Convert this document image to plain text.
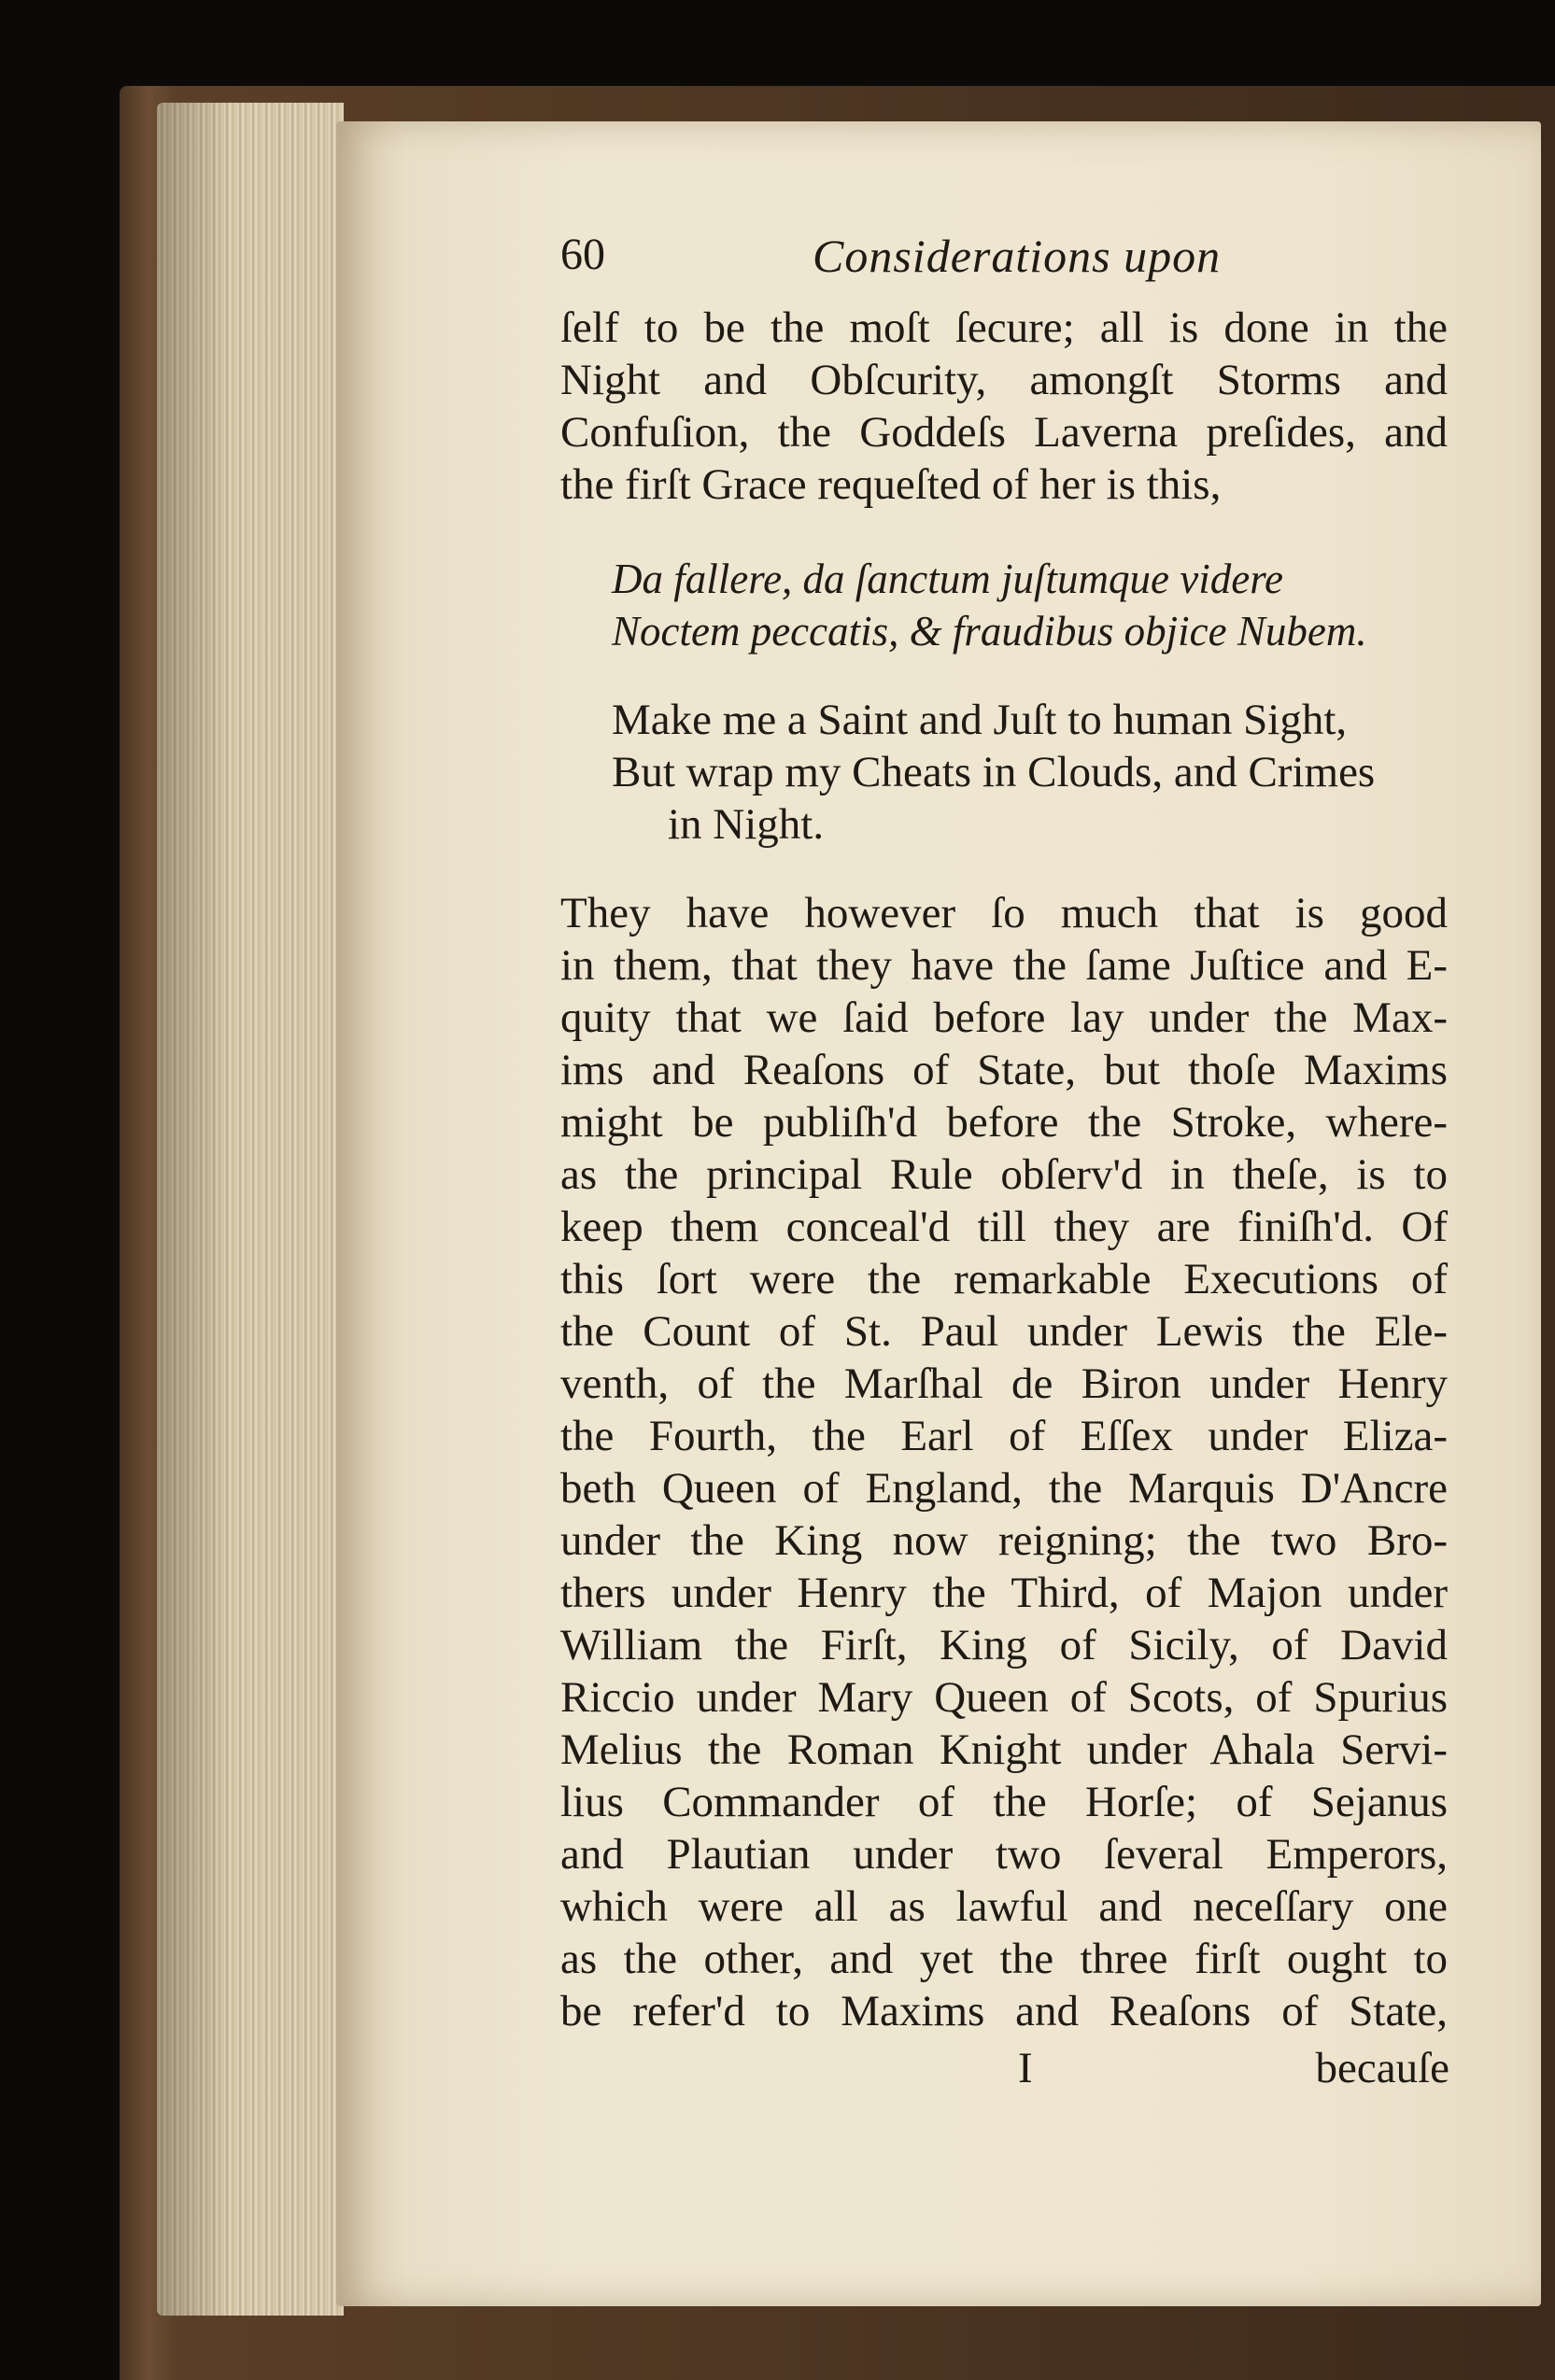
60	Considerations upon
ſelf to be the moſt ſecure; all is done in the
Night and Obſcurity, amongſt Storms and
Confuſion, the Goddeſs Laverna preſides, and
the firſt Grace requeſted of her is this,
Da fallere, da ſanctum juſtumque videre
Noctem peccatis, & fraudibus objice Nubem.
Make me a Saint and Juſt to human Sight,
But wrap my Cheats in Clouds, and Crimes
in Night.
They have however ſo much that is good
in them, that they have the ſame Juſtice and E-
quity that we ſaid before lay under the Max-
ims and Reaſons of State, but thoſe Maxims
might be publiſh'd before the Stroke, where-
as the principal Rule obſerv'd in theſe, is to
keep them conceal'd till they are finiſh'd. Of
this ſort were the remarkable Executions of
the Count of St. Paul under Lewis the Ele-
venth, of the Marſhal de Biron under Henry
the Fourth, the Earl of Eſſex under Eliza-
beth Queen of England, the Marquis D'Ancre
under the King now reigning; the two Bro-
thers under Henry the Third, of Majon under
William the Firſt, King of Sicily, of David
Riccio under Mary Queen of Scots, of Spurius
Melius the Roman Knight under Ahala Servi-
lius Commander of the Horſe; of Sejanus
and Plautian under two ſeveral Emperors,
which were all as lawful and neceſſary one
as the other, and yet the three firſt ought to
be refer'd to Maxims and Reaſons of State,
I	becauſe
